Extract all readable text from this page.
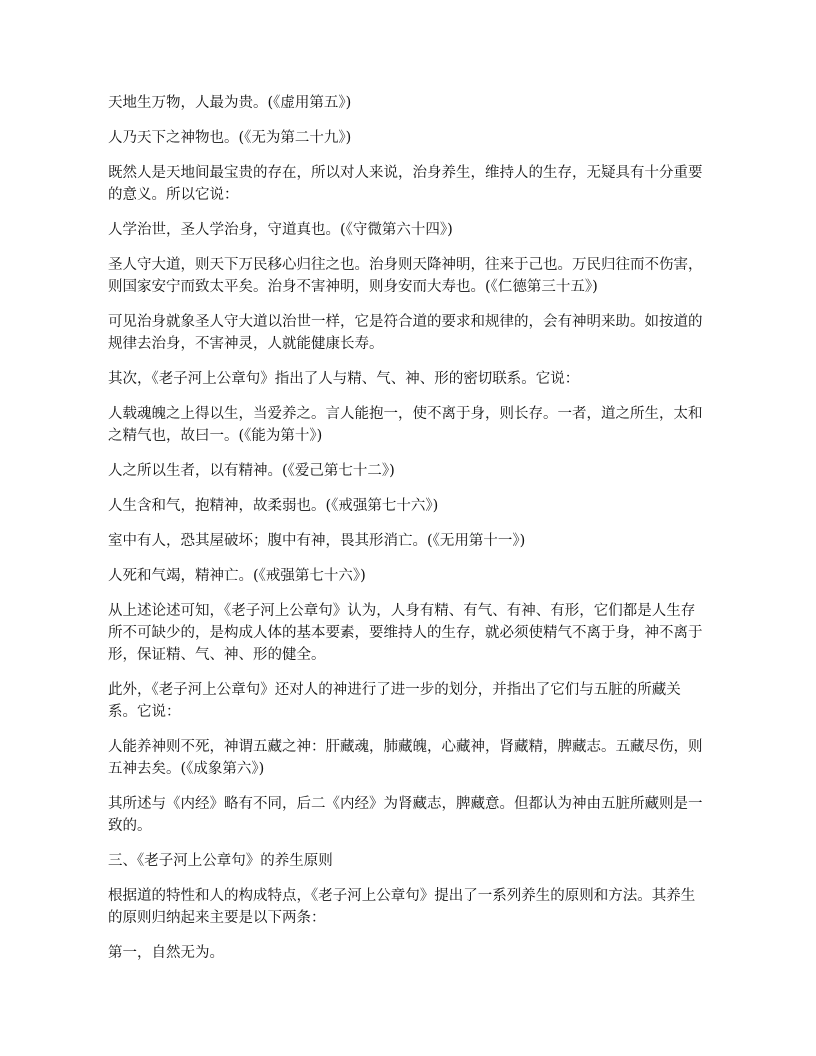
天地生万物，人最为贵。(《虚用第五》)

人乃天下之神物也。(《无为第二十九》)

既然人是天地间最宝贵的存在，所以对人来说，治身养生，维持人的生存，无疑具有十分重要的意义。所以它说：

人学治世，圣人学治身，守道真也。(《守微第六十四》)

圣人守大道，则天下万民移心归往之也。治身则天降神明，往来于己也。万民归往而不伤害，则国家安宁而致太平矣。治身不害神明，则身安而大寿也。(《仁德第三十五》)

可见治身就象圣人守大道以治世一样，它是符合道的要求和规律的，会有神明来助。如按道的规律去治身，不害神灵，人就能健康长寿。

其次，《老子河上公章句》指出了人与精、气、神、形的密切联系。它说：

人载魂魄之上得以生，当爱养之。言人能抱一，使不离于身，则长存。一者，道之所生，太和之精气也，故曰一。(《能为第十》)

人之所以生者，以有精神。(《爱己第七十二》)

人生含和气，抱精神，故柔弱也。(《戒强第七十六》)

室中有人，恐其屋破坏；腹中有神，畏其形消亡。(《无用第十一》)

人死和气竭，精神亡。(《戒强第七十六》)

从上述论述可知，《老子河上公章句》认为，人身有精、有气、有神、有形，它们都是人生存所不可缺少的，是构成人体的基本要素，要维持人的生存，就必须使精气不离于身，神不离于形，保证精、气、神、形的健全。

此外，《老子河上公章句》还对人的神进行了进一步的划分，并指出了它们与五脏的所藏关系。它说：

人能养神则不死，神谓五藏之神：肝藏魂，肺藏魄，心藏神，肾藏精，脾藏志。五藏尽伤，则五神去矣。(《成象第六》)

其所述与《内经》略有不同，后二《内经》为肾藏志，脾藏意。但都认为神由五脏所藏则是一致的。

三、《老子河上公章句》的养生原则

根据道的特性和人的构成特点，《老子河上公章句》提出了一系列养生的原则和方法。其养生的原则归纳起来主要是以下两条：

第一，自然无为。
